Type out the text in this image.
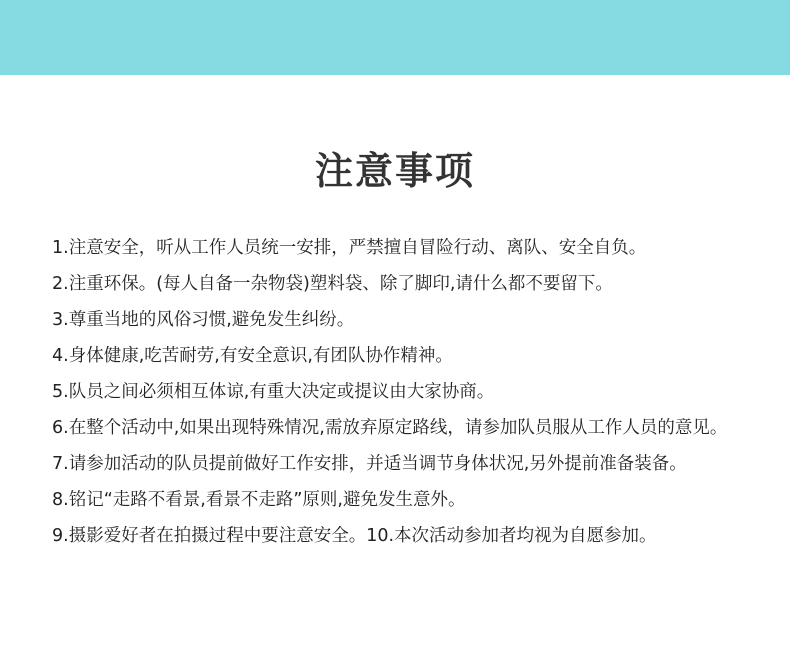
注意事项
1.注意安全，听从工作人员统一安排，严禁擅自冒险行动、离队、安全自负。
2.注重环保。(每人自备一杂物袋)塑料袋、除了脚印,请什么都不要留下。
3.尊重当地的风俗习惯,避免发生纠纷。
4.身体健康,吃苦耐劳,有安全意识,有团队协作精神。
5.队员之间必须相互体谅,有重大决定或提议由大家协商。
6.在整个活动中,如果出现特殊情况,需放弃原定路线，请参加队员服从工作人员的意见。
7.请参加活动的队员提前做好工作安排，并适当调节身体状况,另外提前准备装备。
8.铭记“走路不看景,看景不走路”原则,避免发生意外。
9.摄影爱好者在拍摄过程中要注意安全。10.本次活动参加者均视为自愿参加。
